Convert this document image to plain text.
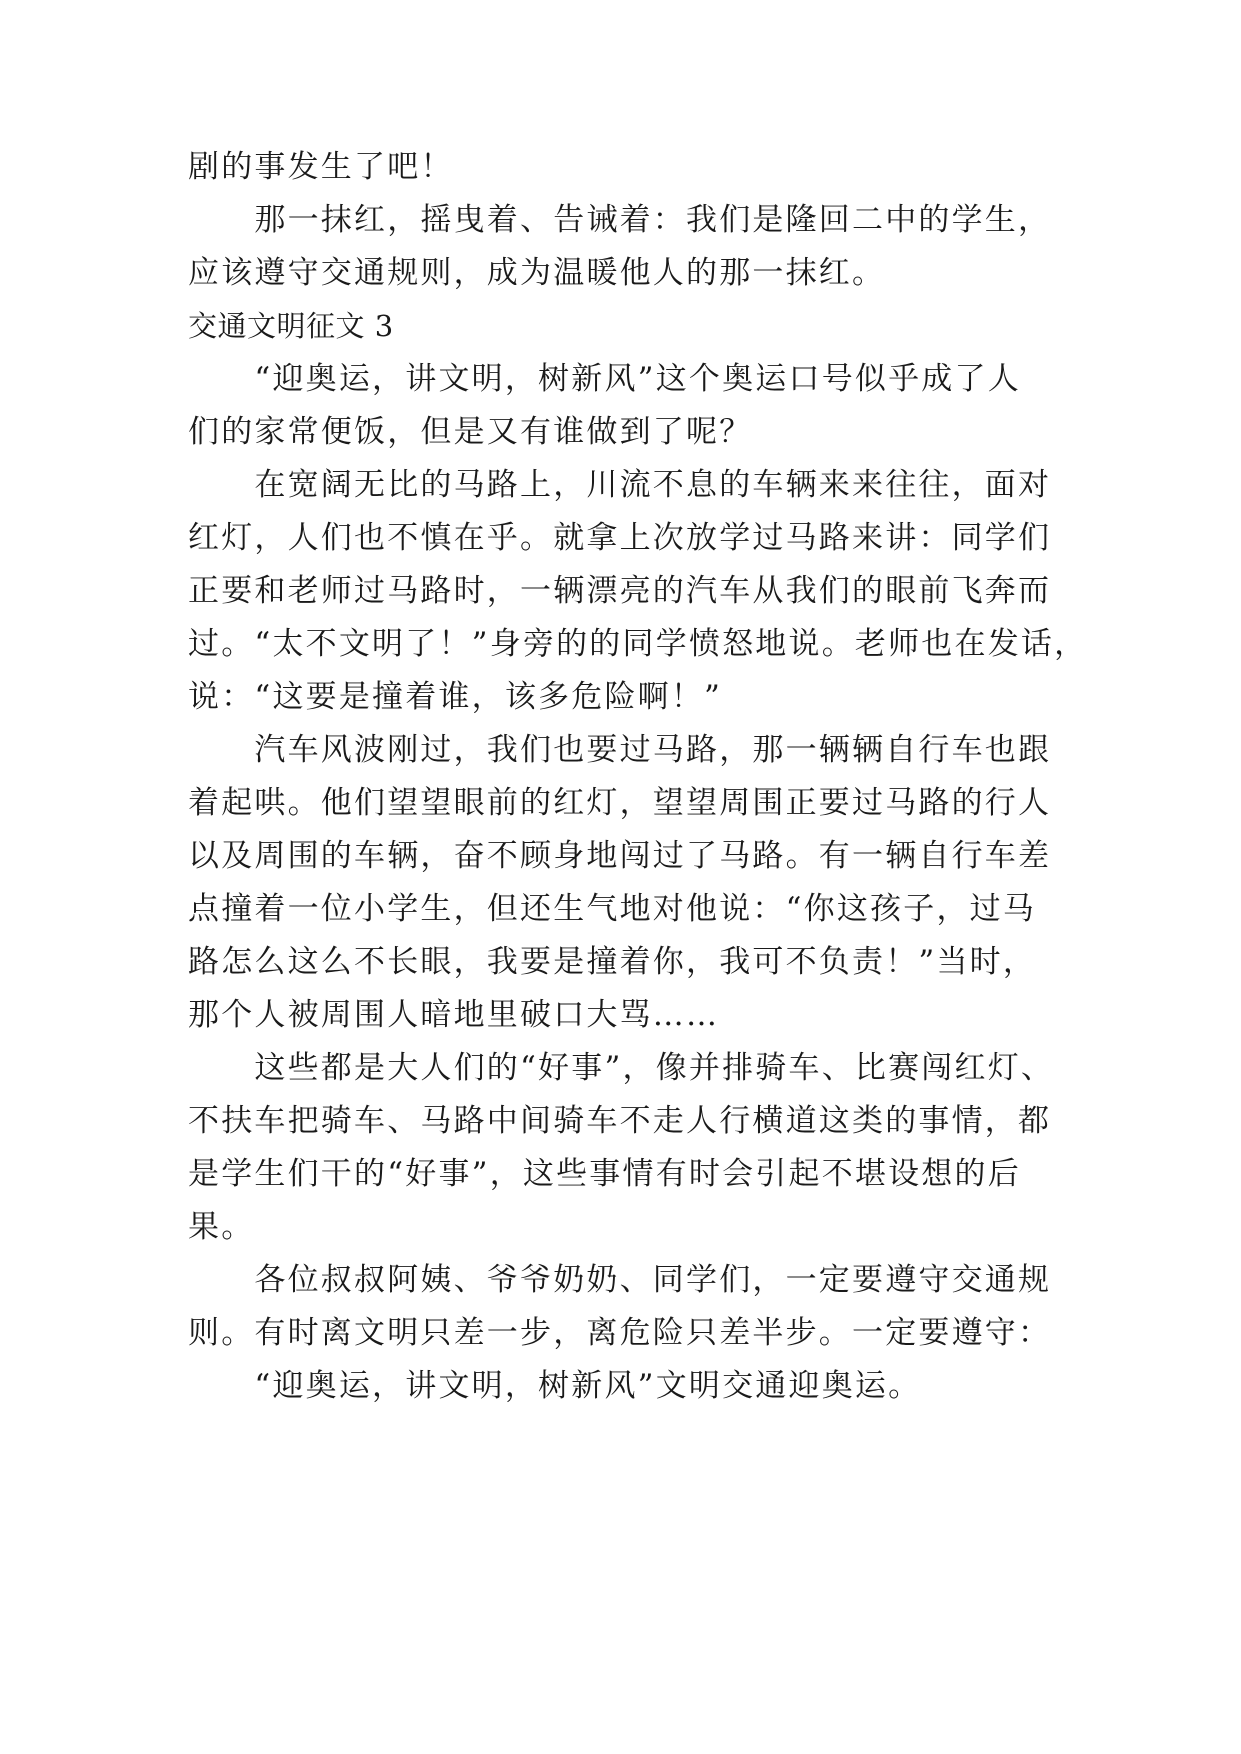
剧的事发生了吧！
　　那一抹红，摇曳着、告诫着：我们是隆回二中的学生，
应该遵守交通规则，成为温暖他人的那一抹红。
交通文明征文 3
　　“迎奥运，讲文明，树新风”这个奥运口号似乎成了人
们的家常便饭，但是又有谁做到了呢？
　　在宽阔无比的马路上，川流不息的车辆来来往往，面对
红灯，人们也不慎在乎。就拿上次放学过马路来讲：同学们
正要和老师过马路时，一辆漂亮的汽车从我们的眼前飞奔而
过。“太不文明了！”身旁的的同学愤怒地说。老师也在发话，
说：“这要是撞着谁，该多危险啊！”
　　汽车风波刚过，我们也要过马路，那一辆辆自行车也跟
着起哄。他们望望眼前的红灯，望望周围正要过马路的行人
以及周围的车辆，奋不顾身地闯过了马路。有一辆自行车差
点撞着一位小学生，但还生气地对他说：“你这孩子，过马
路怎么这么不长眼，我要是撞着你，我可不负责！”当时，
那个人被周围人暗地里破口大骂……
　　这些都是大人们的“好事”，像并排骑车、比赛闯红灯、
不扶车把骑车、马路中间骑车不走人行横道这类的事情，都
是学生们干的“好事”，这些事情有时会引起不堪设想的后
果。
　　各位叔叔阿姨、爷爷奶奶、同学们，一定要遵守交通规
则。有时离文明只差一步，离危险只差半步。一定要遵守：
　　“迎奥运，讲文明，树新风”文明交通迎奥运。
